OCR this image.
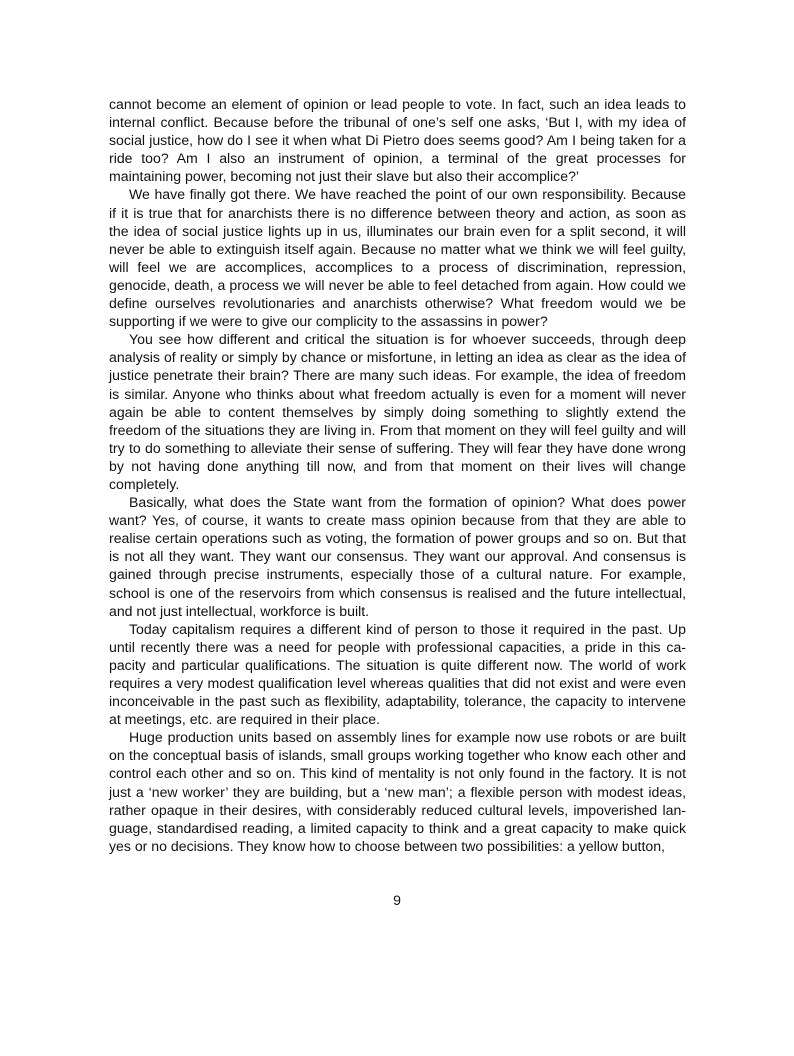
cannot become an element of opinion or lead people to vote. In fact, such an idea leads to internal conflict. Because before the tribunal of one’s self one asks, ‘But I, with my idea of social justice, how do I see it when what Di Pietro does seems good? Am I being taken for a ride too? Am I also an instrument of opinion, a terminal of the great processes for maintaining power, becoming not just their slave but also their accomplice?’

We have finally got there. We have reached the point of our own responsibility. Because if it is true that for anarchists there is no difference between theory and action, as soon as the idea of social justice lights up in us, illuminates our brain even for a split second, it will never be able to extinguish itself again. Because no matter what we think we will feel guilty, will feel we are accomplices, accomplices to a process of discrimination, repression, genocide, death, a process we will never be able to feel detached from again. How could we define ourselves revolutionaries and anarchists otherwise? What freedom would we be supporting if we were to give our complicity to the assassins in power?

You see how different and critical the situation is for whoever succeeds, through deep analysis of reality or simply by chance or misfortune, in letting an idea as clear as the idea of justice penetrate their brain? There are many such ideas. For example, the idea of freedom is similar. Anyone who thinks about what freedom actually is even for a moment will never again be able to content themselves by simply doing something to slightly extend the freedom of the situations they are living in. From that moment on they will feel guilty and will try to do something to alleviate their sense of suffering. They will fear they have done wrong by not having done anything till now, and from that moment on their lives will change completely.

Basically, what does the State want from the formation of opinion? What does power want? Yes, of course, it wants to create mass opinion because from that they are able to realise certain operations such as voting, the formation of power groups and so on. But that is not all they want. They want our consensus. They want our approval. And consensus is gained through precise instruments, especially those of a cultural nature. For example, school is one of the reservoirs from which consensus is realised and the future intellectual, and not just intellectual, workforce is built.

Today capitalism requires a different kind of person to those it required in the past. Up until recently there was a need for people with professional capacities, a pride in this capacity and particular qualifications. The situation is quite different now. The world of work requires a very modest qualification level whereas qualities that did not exist and were even inconceivable in the past such as flexibility, adaptability, tolerance, the capacity to intervene at meetings, etc. are required in their place.

Huge production units based on assembly lines for example now use robots or are built on the conceptual basis of islands, small groups working together who know each other and control each other and so on. This kind of mentality is not only found in the factory. It is not just a ‘new worker’ they are building, but a ‘new man’; a flexible person with modest ideas, rather opaque in their desires, with considerably reduced cultural levels, impoverished language, standardised reading, a limited capacity to think and a great capacity to make quick yes or no decisions. They know how to choose between two possibilities: a yellow button,

9
